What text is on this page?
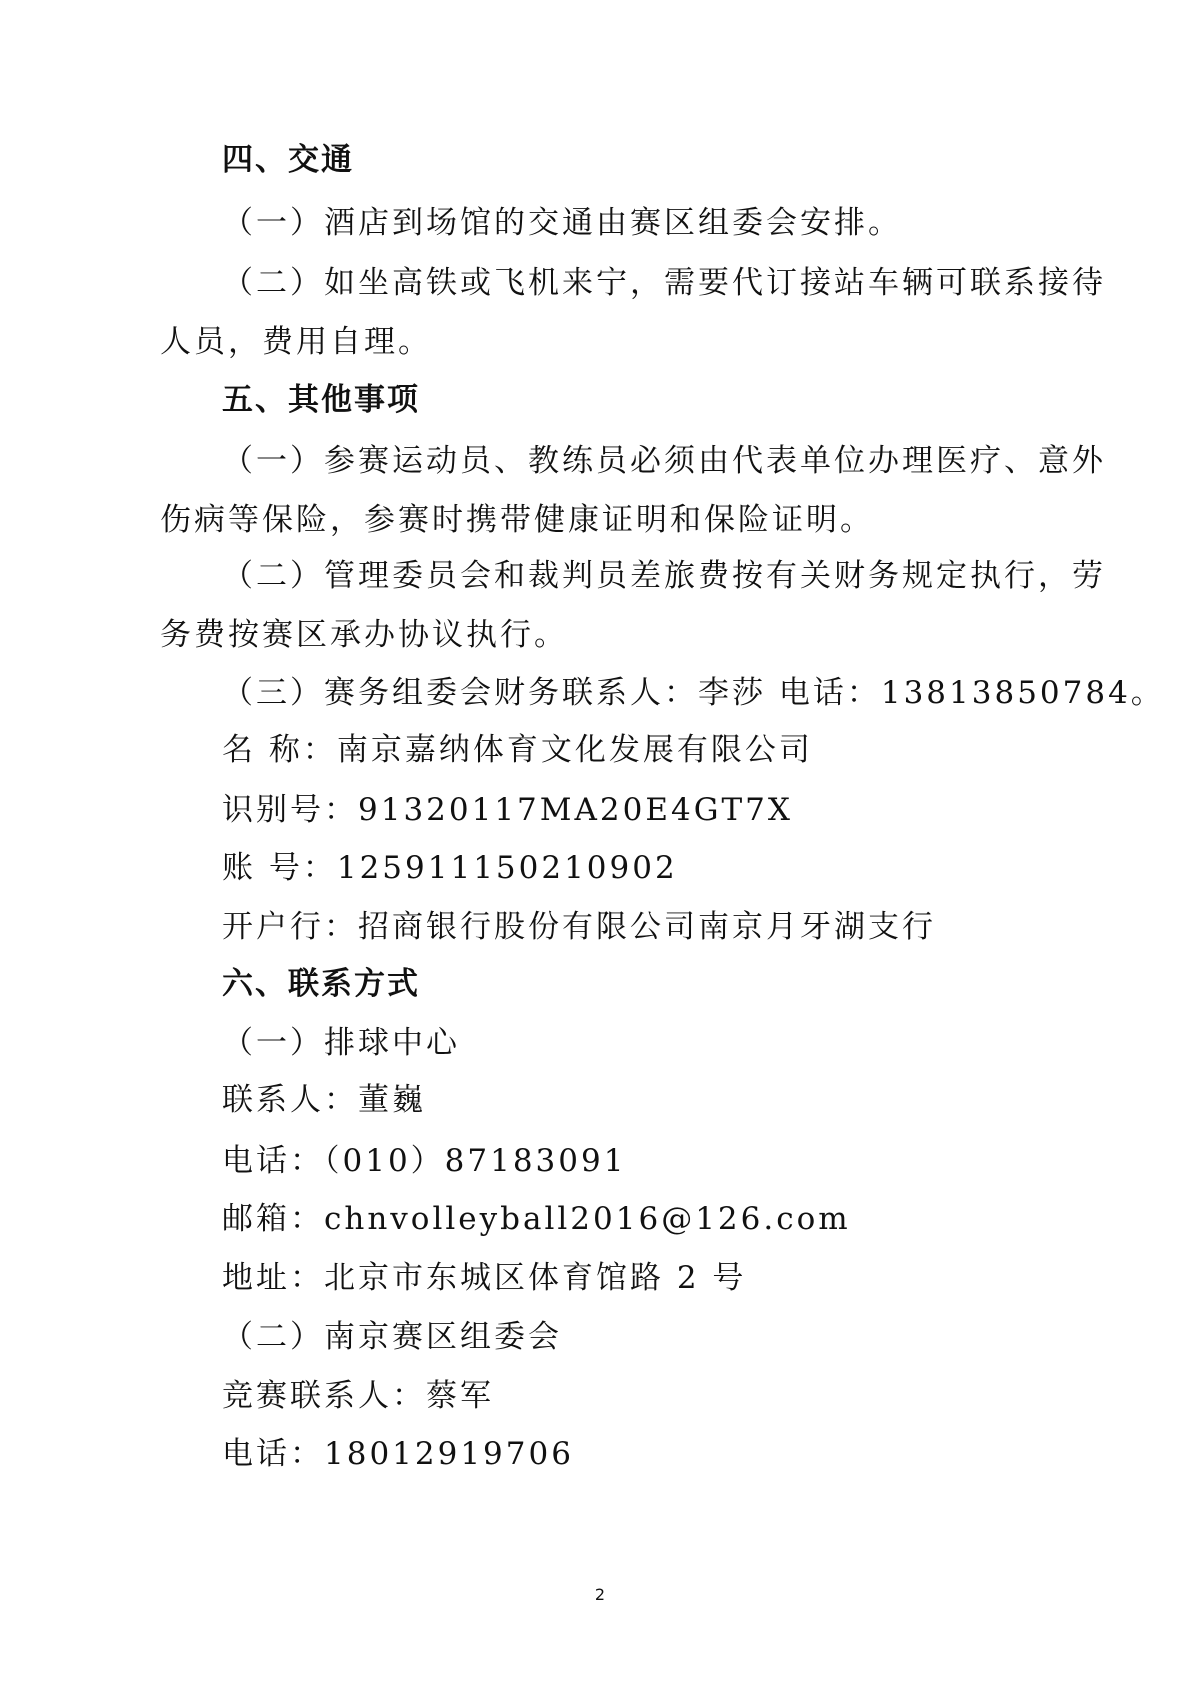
四、交通
（一）酒店到场馆的交通由赛区组委会安排。
（二）如坐高铁或飞机来宁，需要代订接站车辆可联系接待
人员，费用自理。
五、其他事项
（一）参赛运动员、教练员必须由代表单位办理医疗、意外
伤病等保险，参赛时携带健康证明和保险证明。
（二）管理委员会和裁判员差旅费按有关财务规定执行，劳
务费按赛区承办协议执行。
（三）赛务组委会财务联系人：李莎 电话：13813850784。
名 称：南京嘉纳体育文化发展有限公司
识别号：91320117MA20E4GT7X
账 号：125911150210902
开户行：招商银行股份有限公司南京月牙湖支行
六、联系方式
（一）排球中心
联系人：董巍
电话：（010）87183091
邮箱：chnvolleyball2016@126.com
地址：北京市东城区体育馆路 2 号
（二）南京赛区组委会
竞赛联系人：蔡军
电话：18012919706
2
